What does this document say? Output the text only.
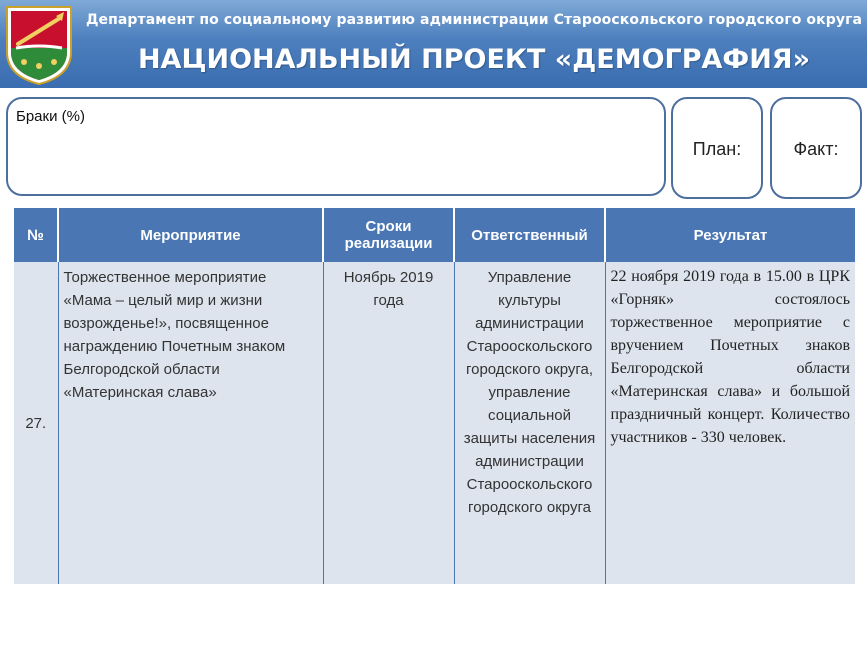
Департамент по социальному развитию администрации Старооскольского городского округа
НАЦИОНАЛЬНЫЙ ПРОЕКТ «ДЕМОГРАФИЯ»
Браки (%)
План:	Факт:
№	Мероприятие	Сроки реализации	Ответственный	Результат
27.	Торжественное мероприятие «Мама – целый мир и жизни возрожденье!», посвященное награждению Почетным знаком Белгородской области «Материнская слава»	Ноябрь 2019 года	Управление культуры администрации Старооскольского городского округа, управление социальной защиты населения администрации Старооскольского городского округа	22 ноября 2019 года в 15.00 в ЦРК «Горняк» состоялось торжественное мероприятие с вручением Почетных знаков Белгородской области «Материнская слава» и большой праздничный концерт. Количество участников - 330 человек.
